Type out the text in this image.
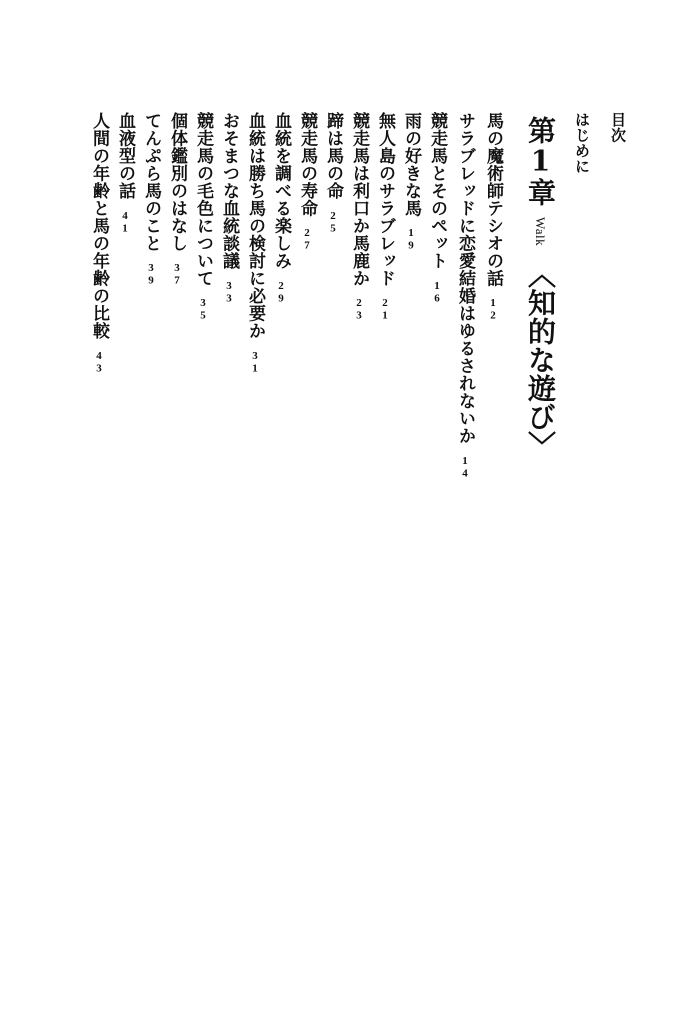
目次
はじめに
第1章Walk〈知的な遊び〉
馬の魔術師テシオの話12
サラブレッドに恋愛結婚はゆるされないか14
競走馬とそのペット16
雨の好きな馬19
無人島のサラブレッド21
競走馬は利口か馬鹿か23
蹄は馬の命25
競走馬の寿命27
血統を調べる楽しみ29
血統は勝ち馬の検討に必要か31
おそまつな血統談議33
競走馬の毛色について35
個体鑑別のはなし37
てんぷら馬のこと39
血液型の話41
人間の年齢と馬の年齢の比較43
